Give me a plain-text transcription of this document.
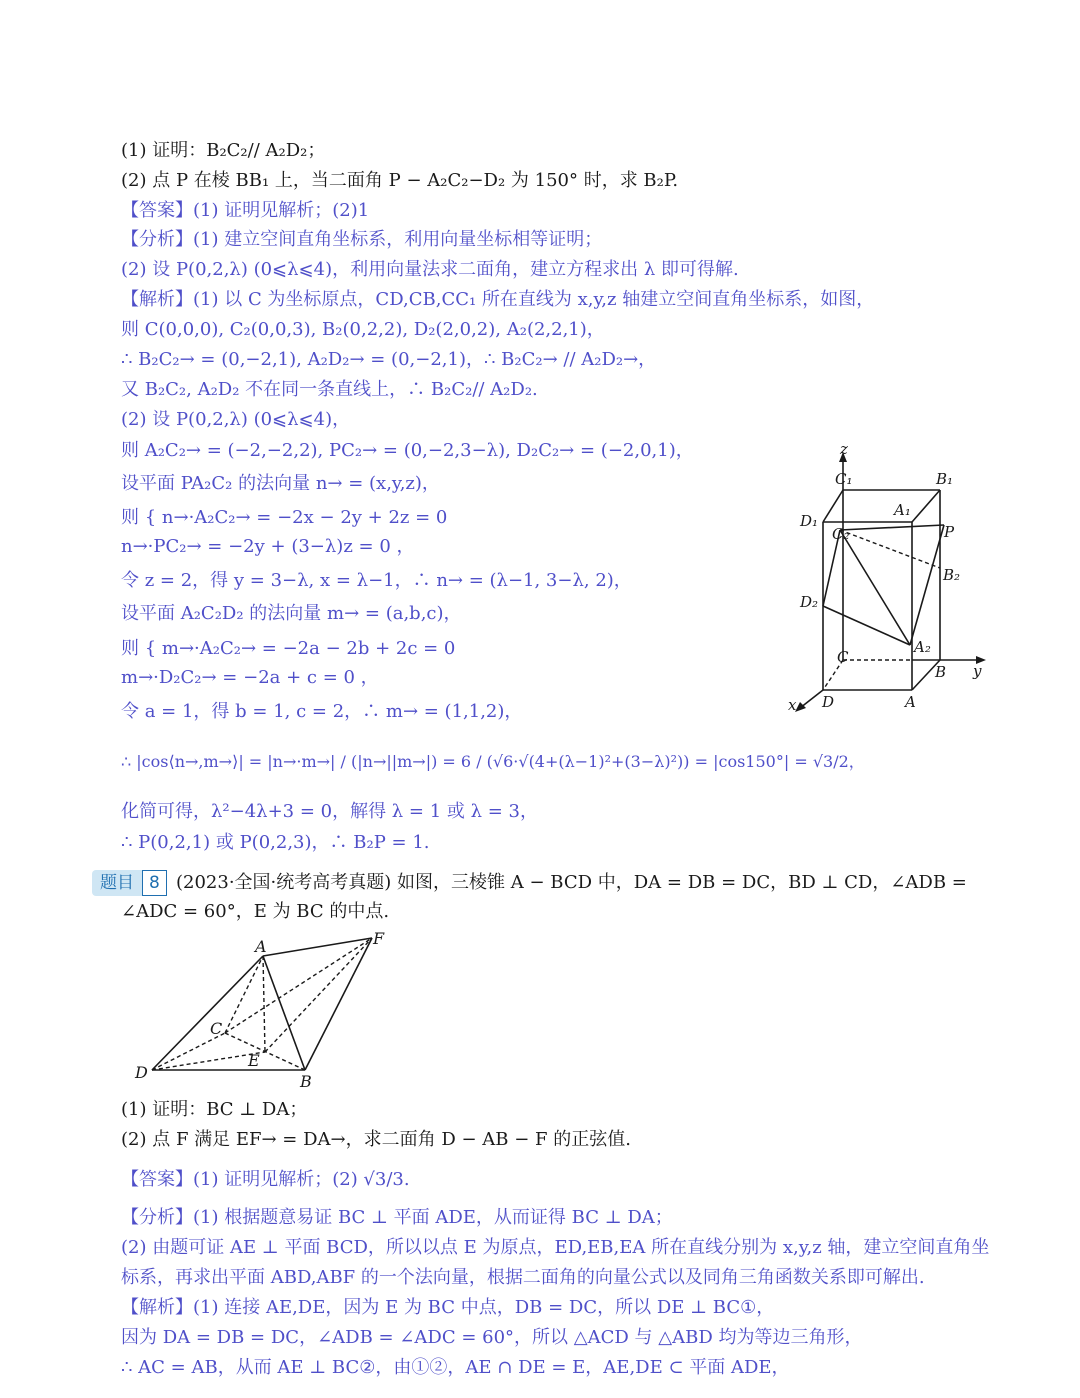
(1) 证明：B₂C₂// A₂D₂；
(2) 点 P 在棱 BB₁ 上，当二面角 P − A₂C₂−D₂ 为 150° 时，求 B₂P.
【答案】(1) 证明见解析；(2)1
【分析】(1) 建立空间直角坐标系，利用向量坐标相等证明；
(2) 设 P(0,2,λ) (0⩽λ⩽4)，利用向量法求二面角，建立方程求出 λ 即可得解.
【解析】(1) 以 C 为坐标原点，CD,CB,CC₁ 所在直线为 x,y,z 轴建立空间直角坐标系，如图，
则 C(0,0,0), C₂(0,0,3), B₂(0,2,2), D₂(2,0,2), A₂(2,2,1)，
∴ B₂C₂→ = (0,−2,1), A₂D₂→ = (0,−2,1)，∴ B₂C₂→ // A₂D₂→，
又 B₂C₂, A₂D₂ 不在同一条直线上，∴ B₂C₂// A₂D₂.
(2) 设 P(0,2,λ) (0⩽λ⩽4)，
则 A₂C₂→ = (−2,−2,2), PC₂→ = (0,−2,3−λ), D₂C₂→ = (−2,0,1)，
设平面 PA₂C₂ 的法向量 n→ = (x,y,z)，
则 { n→·A₂C₂→ = −2x − 2y + 2z = 0
n→·PC₂→ = −2y + (3−λ)z = 0 ，
令 z = 2，得 y = 3−λ, x = λ−1，∴ n→ = (λ−1, 3−λ, 2)，
设平面 A₂C₂D₂ 的法向量 m→ = (a,b,c)，
则 { m→·A₂C₂→ = −2a − 2b + 2c = 0
m→·D₂C₂→ = −2a + c = 0 ，
令 a = 1，得 b = 1, c = 2，∴ m→ = (1,1,2)，
∴ |cos⟨n→,m→⟩| = |n→·m→| / (|n→||m→|) = 6 / (√6·√(4+(λ−1)²+(3−λ)²)) = |cos150°| = √3/2，
化简可得，λ²−4λ+3 = 0，解得 λ = 1 或 λ = 3，
∴ P(0,2,1) 或 P(0,2,3)，∴ B₂P = 1.
z
y
x
C₁	B₁
A₁
D₁
C₂	P
B₂
D₂
A₂
C
B
D	A
题目 8 (2023·全国·统考高考真题) 如图，三棱锥 A − BCD 中，DA = DB = DC，BD ⊥ CD，∠ADB =
∠ADC = 60°，E 为 BC 的中点.
A	F
C
E
D	B
(1) 证明：BC ⊥ DA；
(2) 点 F 满足 EF→ = DA→，求二面角 D − AB − F 的正弦值.
【答案】(1) 证明见解析；(2) √3/3.
【分析】(1) 根据题意易证 BC ⊥ 平面 ADE，从而证得 BC ⊥ DA；
(2) 由题可证 AE ⊥ 平面 BCD，所以以点 E 为原点，ED,EB,EA 所在直线分别为 x,y,z 轴，建立空间直角坐
标系，再求出平面 ABD,ABF 的一个法向量，根据二面角的向量公式以及同角三角函数关系即可解出.
【解析】(1) 连接 AE,DE，因为 E 为 BC 中点，DB = DC，所以 DE ⊥ BC①，
因为 DA = DB = DC，∠ADB = ∠ADC = 60°，所以 △ACD 与 △ABD 均为等边三角形，
∴ AC = AB，从而 AE ⊥ BC②，由①②，AE ∩ DE = E，AE,DE ⊂ 平面 ADE，
